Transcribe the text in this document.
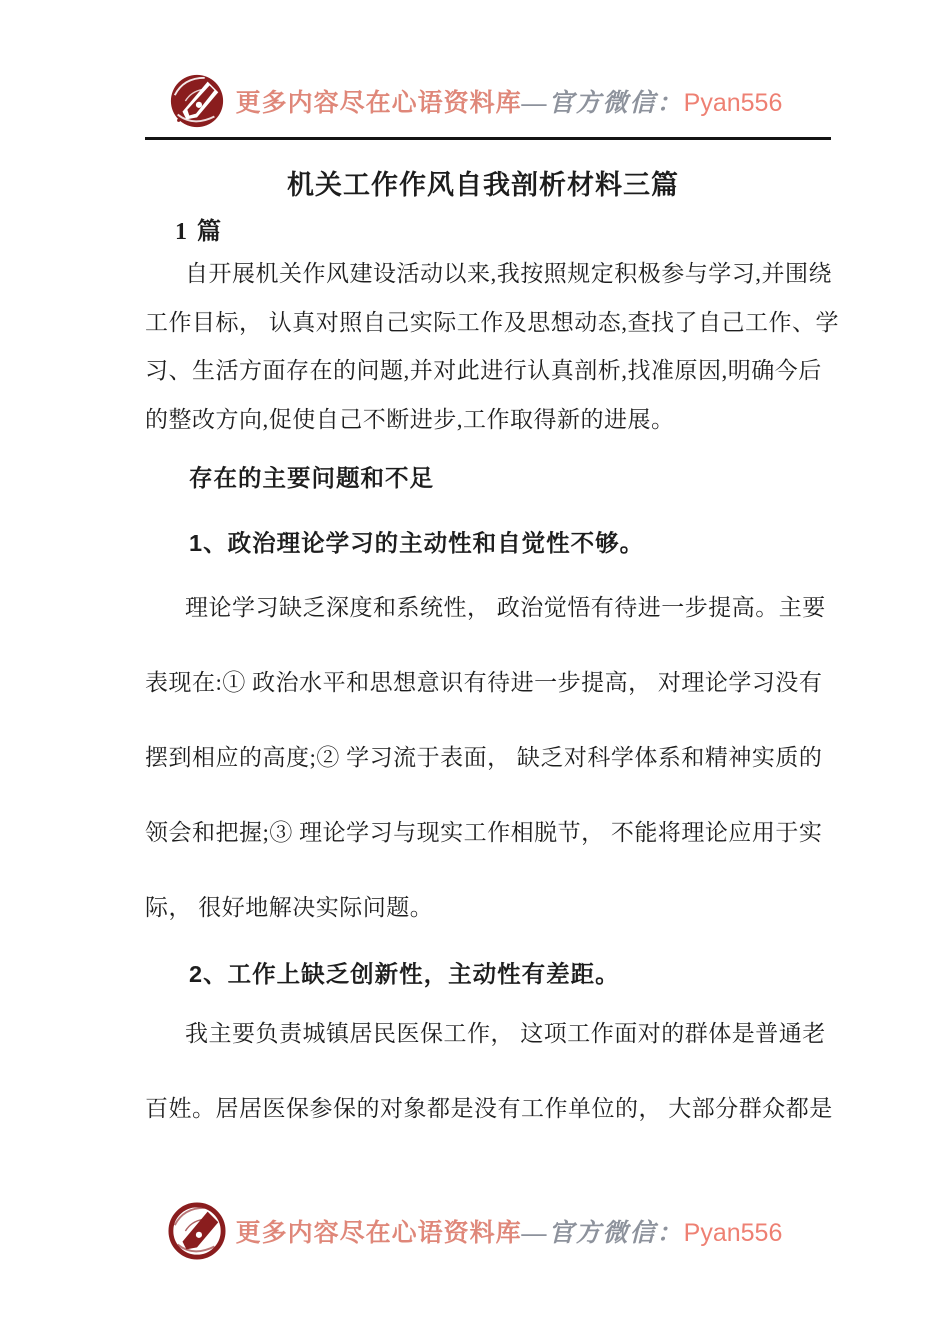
更多内容尽在心语资料库—官方微信：Pyan556
机关工作作风自我剖析材料三篇
1 篇
自开展机关作风建设活动以来,我按照规定积极参与学习,并围绕
工作目标， 认真对照自己实际工作及思想动态,查找了自己工作、学
习、生活方面存在的问题,并对此进行认真剖析,找准原因,明确今后
的整改方向,促使自己不断进步,工作取得新的进展。
存在的主要问题和不足
1、政治理论学习的主动性和自觉性不够。
理论学习缺乏深度和系统性， 政治觉悟有待进一步提高。主要
表现在:① 政治水平和思想意识有待进一步提高， 对理论学习没有
摆到相应的高度;② 学习流于表面， 缺乏对科学体系和精神实质的
领会和把握;③ 理论学习与现实工作相脱节， 不能将理论应用于实
际， 很好地解决实际问题。
2、工作上缺乏创新性，主动性有差距。
我主要负责城镇居民医保工作， 这项工作面对的群体是普通老
百姓。居居医保参保的对象都是没有工作单位的， 大部分群众都是
更多内容尽在心语资料库—官方微信：Pyan556
